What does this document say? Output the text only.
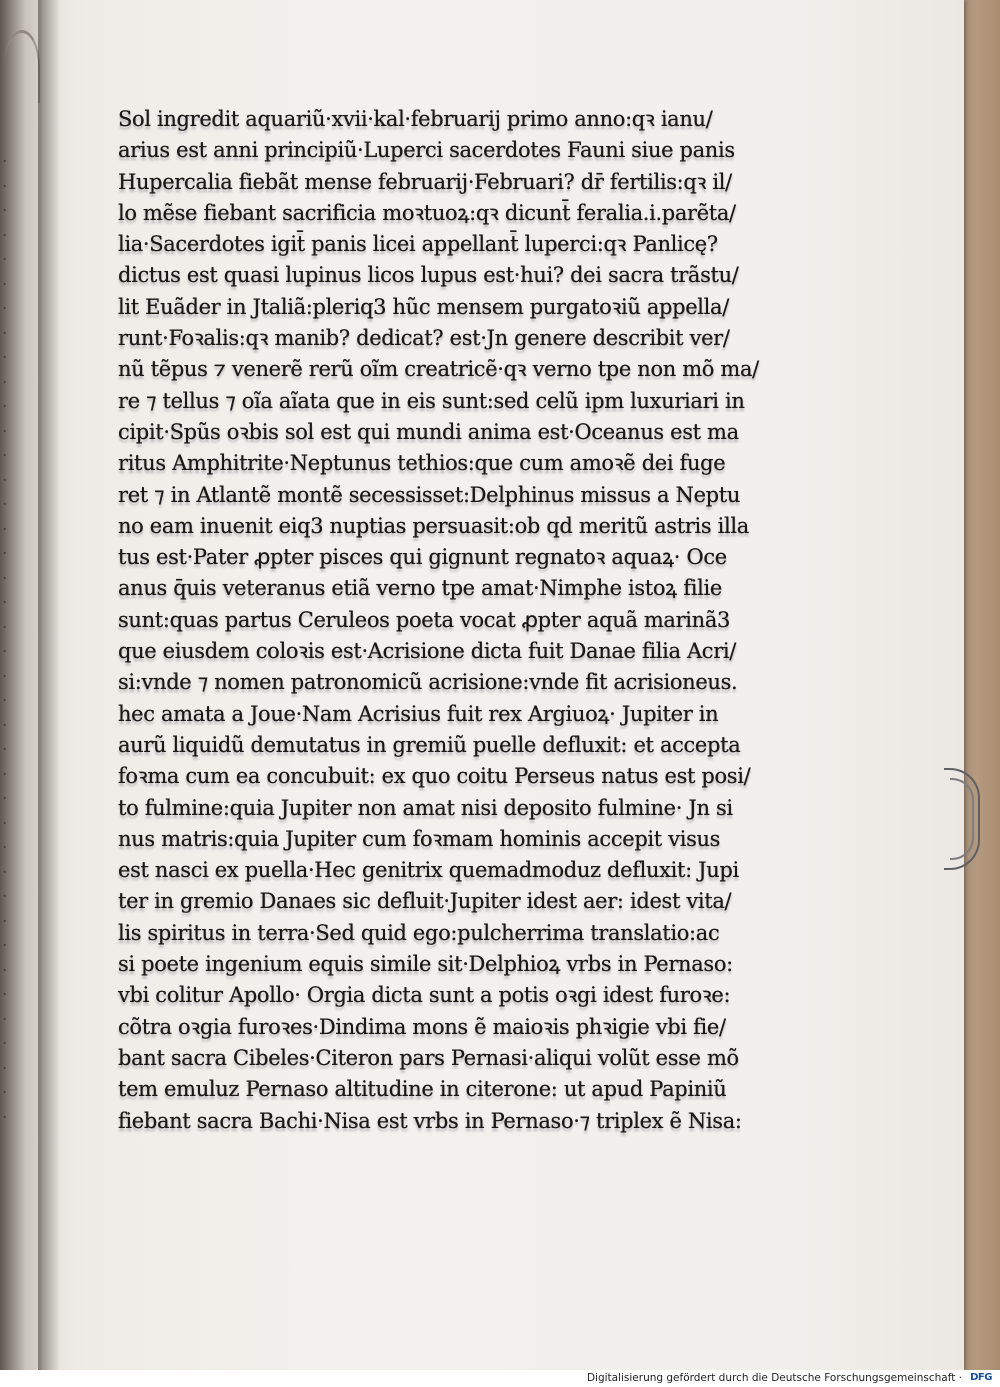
·
·
·
·
·
·
·
·
·
·
·
·
·
·
·
·
·
·
·
·
·
·
·
·
·
·
·
·
·
·
·
·
·
·
·
·
·
·
·
·
Sol ingredit aquariũ·xvii·kal·februarij primo anno:qꝛ ianu/
arius est anni principiũ·Luperci sacerdotes Fauni siue panis
Hupercalia fiebãt mense februarij·Februari? dr̄ fertilis:qꝛ il/
lo mẽse fiebant sacrificia moꝛtuoꝝ:qꝛ dicunt̄ feralia.i.parẽta/
lia·Sacerdotes igit̄ panis licei appellant̄ luperci:qꝛ Panlicę?
dictus est quasi lupinus licos lupus est·hui? dei sacra trãstu/
lit Euãder in Jtaliã:pleriq3 hũc mensem purgatoꝛiũ appella/
runt·Foꝛalis:qꝛ manib? dedicat? est·Jn genere describit ver/
nũ tẽpus ⁊ venerẽ rerũ oĩm creatricẽ·qꝛ verno tpe non mõ ma/
re ⁊ tellus ⁊ oĩa aĩata que in eis sunt:sed celũ ipm luxuriari in
cipit·Spũs oꝛbis sol est qui mundi anima est·Oceanus est ma
ritus Amphitrite·Neptunus tethios:que cum amoꝛẽ dei fuge
ret ⁊ in Atlantẽ montẽ secessisset:Delphinus missus a Neptu
no eam inuenit eiq3 nuptias persuasit:ob qd meritũ astris illa
tus est·Pater ꝓpter pisces qui gignunt regnatoꝛ aquaꝝ· Oce
anus q̄uis veteranus etiã verno tpe amat·Nimphe istoꝝ filie
sunt:quas partus Ceruleos poeta vocat ꝓpter aquã marinã3
que eiusdem coloꝛis est·Acrisione dicta fuit Danae filia Acri/
si:vnde ⁊ nomen patronomicũ acrisione:vnde fit acrisioneus.
hec amata a Joue·Nam Acrisius fuit rex Argiuoꝝ· Jupiter in
aurũ liquidũ demutatus in gremiũ puelle defluxit: et accepta
foꝛma cum ea concubuit: ex quo coitu Perseus natus est posi/
to fulmine:quia Jupiter non amat nisi deposito fulmine· Jn si
nus matris:quia Jupiter cum foꝛmam hominis accepit visus
est nasci ex puella·Hec genitrix quemadmoduz defluxit: Jupi
ter in gremio Danaes sic defluit·Jupiter idest aer: idest vita/
lis spiritus in terra·Sed quid ego:pulcherrima translatio:ac
si poete ingenium equis simile sit·Delphioꝝ vrbs in Pernaso:
vbi colitur Apollo· Orgia dicta sunt a potis oꝛgi idest furoꝛe:
cõtra oꝛgia furoꝛes·Dindima mons ẽ maioꝛis phꝛigie vbi fie/
bant sacra Cibeles·Citeron pars Pernasi·aliqui volũt esse mõ
tem emuluz Pernaso altitudine in citerone: ut apud Papiniũ
fiebant sacra Bachi·Nisa est vrbs in Pernaso·⁊ triplex ẽ Nisa:
Digitalisierung gefördert durch die Deutsche Forschungsgemeinschaft · DFG
